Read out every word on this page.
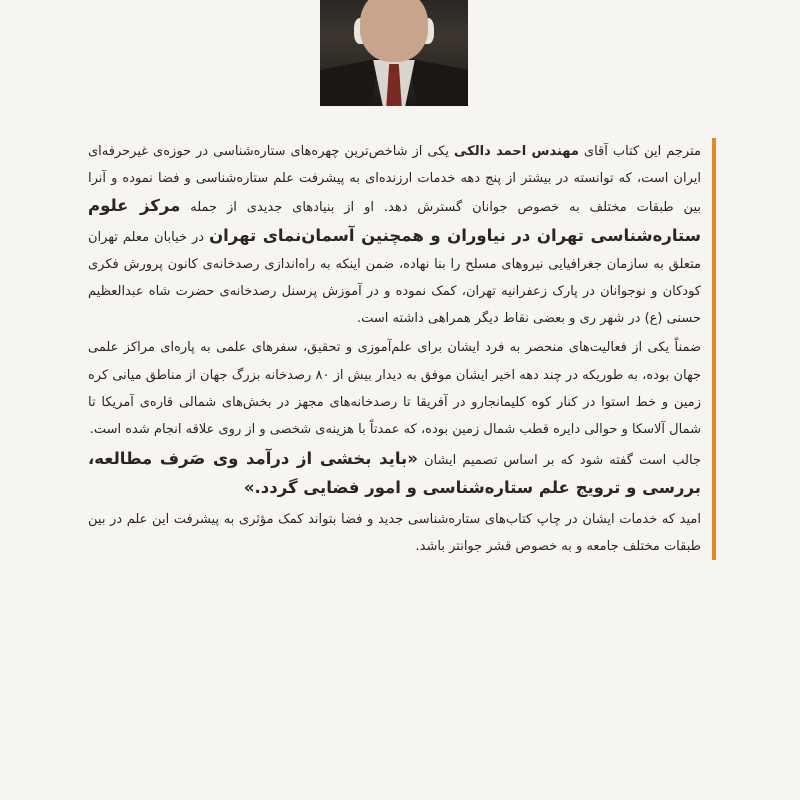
مترجم این کتاب آقای مهندس احمد دالکی یکی از شاخص‌ترین چهره‌های ستاره‌شناسی در حوزه‌ی غیرحرفه‌ای ایران است، که توانسته در بیشتر از پنج دهه خدمات ارزنده‌ای به پیشرفت علم ستاره‌شناسی و فضا نموده و آنرا بین طبقات مختلف به خصوص جوانان گسترش دهد. او از بنیادهای جدیدی از جمله مرکز علوم ستاره‌شناسی تهران در نیاوران و همچنین آسمان‌نمای تهران در خیابان معلم تهران متعلق به سازمان جغرافیایی نیروهای مسلح را بنا نهاده، ضمن اینکه به راه‌اندازی رصدخانه‌ی کانون پرورش فکری کودکان و نوجوانان در پارک زعفرانیه تهران، کمک نموده و در آموزش پرسنل رصدخانه‌ی حضرت شاه عبدالعظیم حسنی (ع) در شهر ری و بعضی نقاط دیگر همراهی داشته است.

ضمناً یکی از فعالیت‌های منحصر به فرد ایشان برای علم‌آموزی و تحقیق، سفرهای علمی به پاره‌ای مراکز علمی جهان بوده، به طوریکه در چند دهه اخیر ایشان موفق به دیدار بیش از ۸۰ رصدخانه بزرگ جهان از مناطق میانی کره زمین و خط استوا در کنار کوه کلیمانجارو در آفریقا تا رصدخانه‌های مجهز در بخش‌های شمالی قاره‌ی آمریکا تا شمال آلاسکا و حوالی دایره قطب شمال زمین بوده، که عمدتاً با هزینه‌ی شخصی و از روی علاقه انجام شده است.

جالب است گفته شود که بر اساس تصمیم ایشان «باید بخشی از درآمد وی صَرف مطالعه، بررسی و ترویج علم ستاره‌شناسی و امور فضایی گردد.»

امید که خدمات ایشان در چاپ کتاب‌های ستاره‌شناسی جدید و فضا بتواند کمک مؤثری به پیشرفت این علم در بین طبقات مختلف جامعه و به خصوص قشر جوانتر باشد.
